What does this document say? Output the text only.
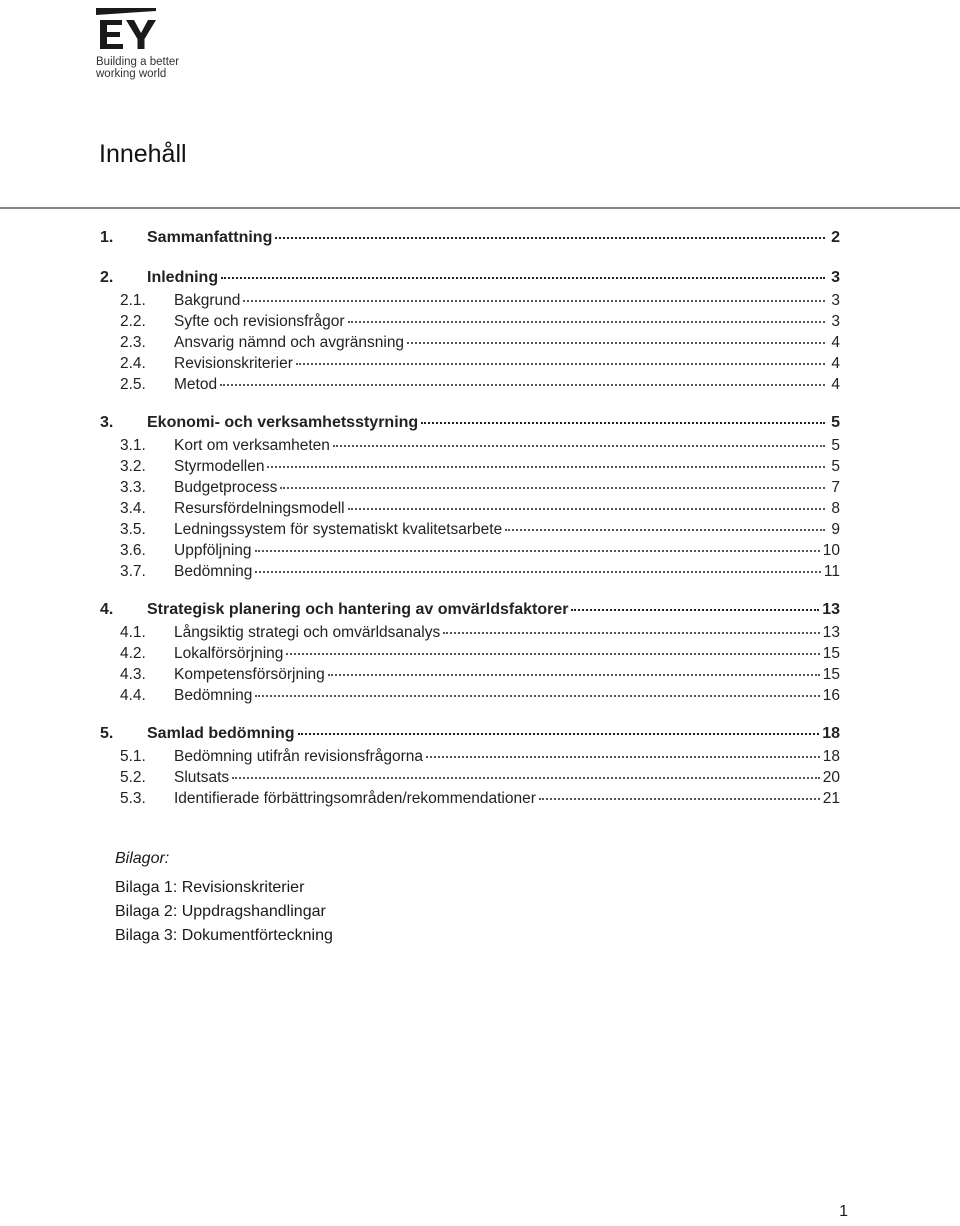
Building a better
working world
Innehåll
1.	Sammanfattning	2
2.	Inledning	3
2.1.	Bakgrund	3
2.2.	Syfte och revisionsfrågor	3
2.3.	Ansvarig nämnd och avgränsning	4
2.4.	Revisionskriterier	4
2.5.	Metod	4
3.	Ekonomi- och verksamhetsstyrning	5
3.1.	Kort om verksamheten	5
3.2.	Styrmodellen	5
3.3.	Budgetprocess	7
3.4.	Resursfördelningsmodell	8
3.5.	Ledningssystem för systematiskt kvalitetsarbete	9
3.6.	Uppföljning	10
3.7.	Bedömning	11
4.	Strategisk planering och hantering av omvärldsfaktorer	13
4.1.	Långsiktig strategi och omvärldsanalys	13
4.2.	Lokalförsörjning	15
4.3.	Kompetensförsörjning	15
4.4.	Bedömning	16
5.	Samlad bedömning	18
5.1.	Bedömning utifrån revisionsfrågorna	18
5.2.	Slutsats	20
5.3.	Identifierade förbättringsområden/rekommendationer	21
Bilagor:
Bilaga 1: Revisionskriterier
Bilaga 2: Uppdragshandlingar
Bilaga 3: Dokumentförteckning
1
